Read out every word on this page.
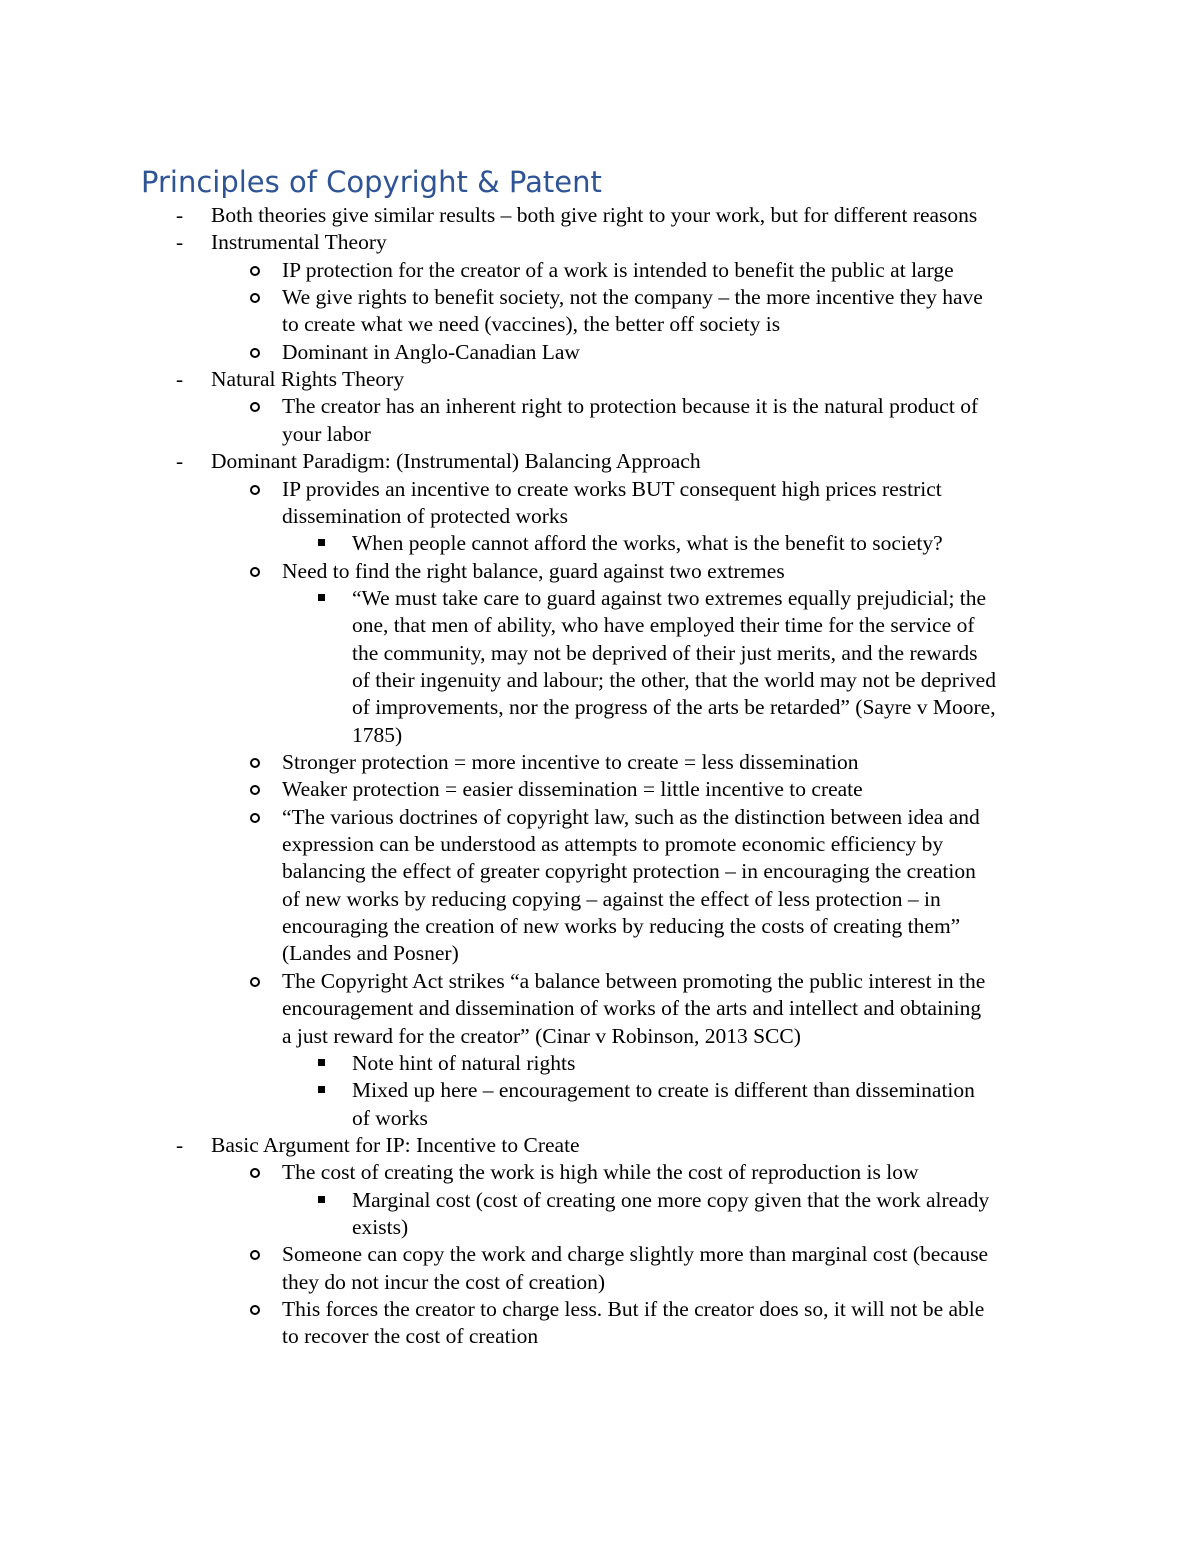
Principles of Copyright & Patent
- Both theories give similar results – both give right to your work, but for different reasons
- Instrumental Theory
IP protection for the creator of a work is intended to benefit the public at large
We give rights to benefit society, not the company – the more incentive they have
to create what we need (vaccines), the better off society is
Dominant in Anglo-Canadian Law
- Natural Rights Theory
The creator has an inherent right to protection because it is the natural product of
your labor
- Dominant Paradigm: (Instrumental) Balancing Approach
IP provides an incentive to create works BUT consequent high prices restrict
dissemination of protected works
When people cannot afford the works, what is the benefit to society?
Need to find the right balance, guard against two extremes
“We must take care to guard against two extremes equally prejudicial; the
one, that men of ability, who have employed their time for the service of
the community, may not be deprived of their just merits, and the rewards
of their ingenuity and labour; the other, that the world may not be deprived
of improvements, nor the progress of the arts be retarded” (Sayre v Moore,
1785)
Stronger protection = more incentive to create = less dissemination
Weaker protection = easier dissemination = little incentive to create
“The various doctrines of copyright law, such as the distinction between idea and
expression can be understood as attempts to promote economic efficiency by
balancing the effect of greater copyright protection – in encouraging the creation
of new works by reducing copying – against the effect of less protection – in
encouraging the creation of new works by reducing the costs of creating them”
(Landes and Posner)
The Copyright Act strikes “a balance between promoting the public interest in the
encouragement and dissemination of works of the arts and intellect and obtaining
a just reward for the creator” (Cinar v Robinson, 2013 SCC)
Note hint of natural rights
Mixed up here – encouragement to create is different than dissemination
of works
- Basic Argument for IP: Incentive to Create
The cost of creating the work is high while the cost of reproduction is low
Marginal cost (cost of creating one more copy given that the work already
exists)
Someone can copy the work and charge slightly more than marginal cost (because
they do not incur the cost of creation)
This forces the creator to charge less. But if the creator does so, it will not be able
to recover the cost of creation
